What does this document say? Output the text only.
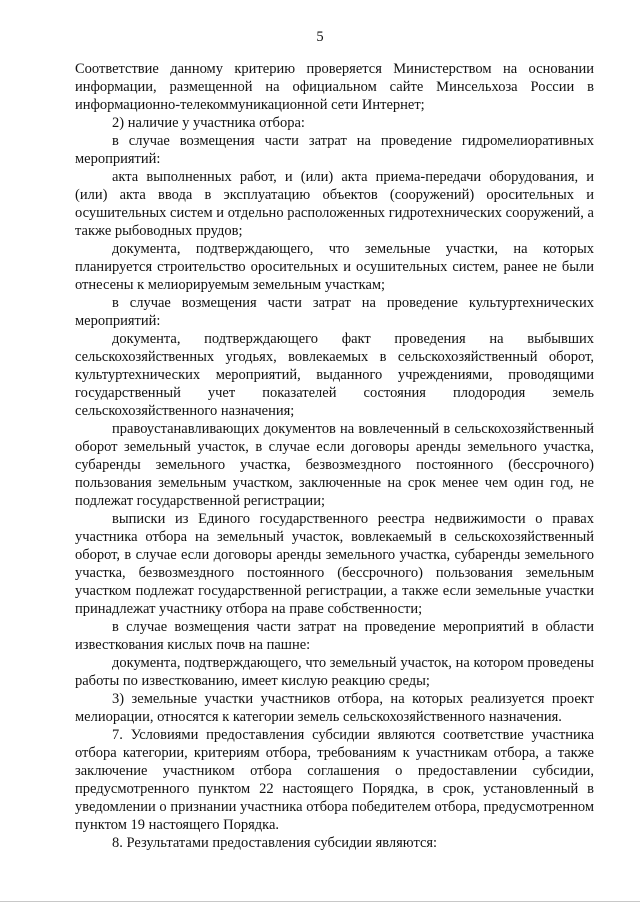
5

Соответствие данному критерию проверяется Министерством на основании информации, размещенной на официальном сайте Минсельхоза России в информационно-телекоммуникационной сети Интернет;

2) наличие у участника отбора:

в случае возмещения части затрат на проведение гидромелиоративных мероприятий:

акта выполненных работ, и (или) акта приема-передачи оборудования, и (или) акта ввода в эксплуатацию объектов (сооружений) оросительных и осушительных систем и отдельно расположенных гидротехнических сооружений, а также рыбоводных прудов;

документа, подтверждающего, что земельные участки, на которых планируется строительство оросительных и осушительных систем, ранее не были отнесены к мелиорируемым земельным участкам;

в случае возмещения части затрат на проведение культуртехнических мероприятий:

документа, подтверждающего факт проведения на выбывших сельскохозяйственных угодьях, вовлекаемых в сельскохозяйственный оборот, культуртехнических мероприятий, выданного учреждениями, проводящими государственный учет показателей состояния плодородия земель сельскохозяйственного назначения;

правоустанавливающих документов на вовлеченный в сельскохозяйственный оборот земельный участок, в случае если договоры аренды земельного участка, субаренды земельного участка, безвозмездного постоянного (бессрочного) пользования земельным участком, заключенные на срок менее чем один год, не подлежат государственной регистрации;

выписки из Единого государственного реестра недвижимости о правах участника отбора на земельный участок, вовлекаемый в сельскохозяйственный оборот, в случае если договоры аренды земельного участка, субаренды земельного участка, безвозмездного постоянного (бессрочного) пользования земельным участком подлежат государственной регистрации, а также если земельные участки принадлежат участнику отбора на праве собственности;

в случае возмещения части затрат на проведение мероприятий в области известкования кислых почв на пашне:

документа, подтверждающего, что земельный участок, на котором проведены работы по известкованию, имеет кислую реакцию среды;

3) земельные участки участников отбора, на которых реализуется проект мелиорации, относятся к категории земель сельскохозяйственного назначения.

7. Условиями предоставления субсидии являются соответствие участника отбора категории, критериям отбора, требованиям к участникам отбора, а также заключение участником отбора соглашения о предоставлении субсидии, предусмотренного пунктом 22 настоящего Порядка, в срок, установленный в уведомлении о признании участника отбора победителем отбора, предусмотренном пунктом 19 настоящего Порядка.

8. Результатами предоставления субсидии являются:
